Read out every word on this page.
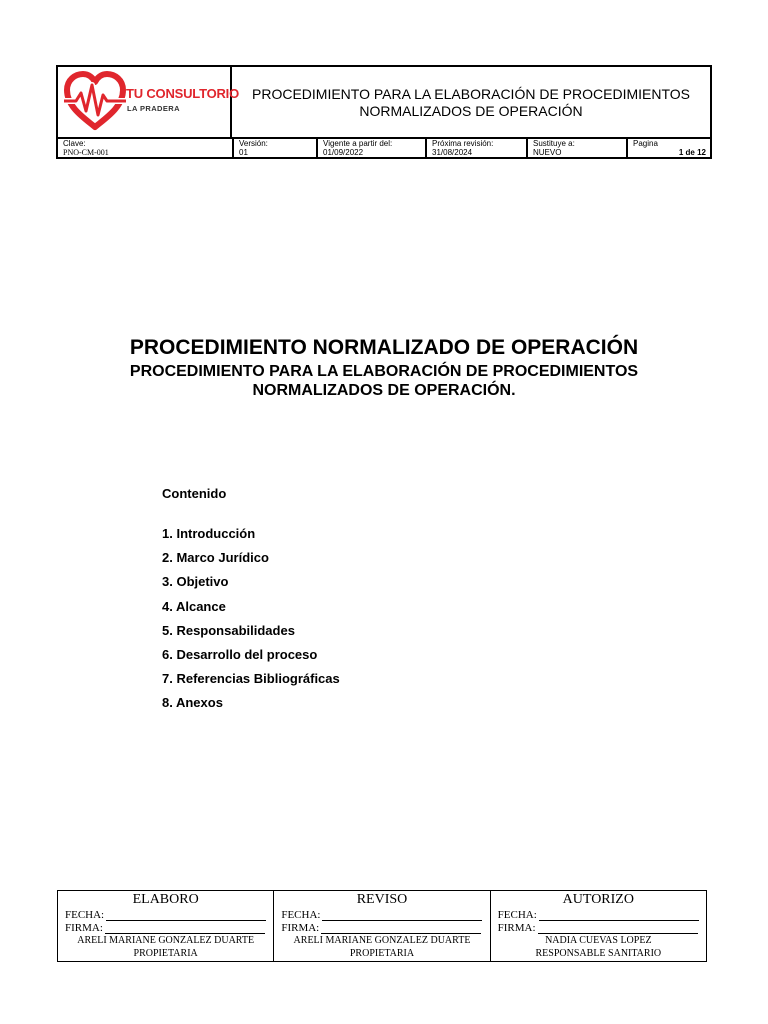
TU CONSULTORIO
LA PRADERA
PROCEDIMIENTO PARA LA ELABORACIÓN DE PROCEDIMIENTOS
NORMALIZADOS DE OPERACIÓN
Clave:
PNO-CM-001
Versión:
01
Vigente a partir del:
01/09/2022
Próxima revisión:
31/08/2024
Sustituye a:
NUEVO
Pagina
1 de 12
PROCEDIMIENTO NORMALIZADO DE OPERACIÓN
PROCEDIMIENTO PARA LA ELABORACIÓN DE PROCEDIMIENTOS
NORMALIZADOS DE OPERACIÓN.
Contenido
1. Introducción
2. Marco Jurídico
3. Objetivo
4. Alcance
5. Responsabilidades
6. Desarrollo del proceso
7. Referencias Bibliográficas
8. Anexos
ELABORO
FECHA:
FIRMA:
ARELI MARIANE GONZALEZ DUARTE
PROPIETARIA
REVISO
FECHA:
FIRMA:
ARELI MARIANE GONZALEZ DUARTE
PROPIETARIA
AUTORIZO
FECHA:
FIRMA:
NADIA CUEVAS LOPEZ
RESPONSABLE SANITARIO
